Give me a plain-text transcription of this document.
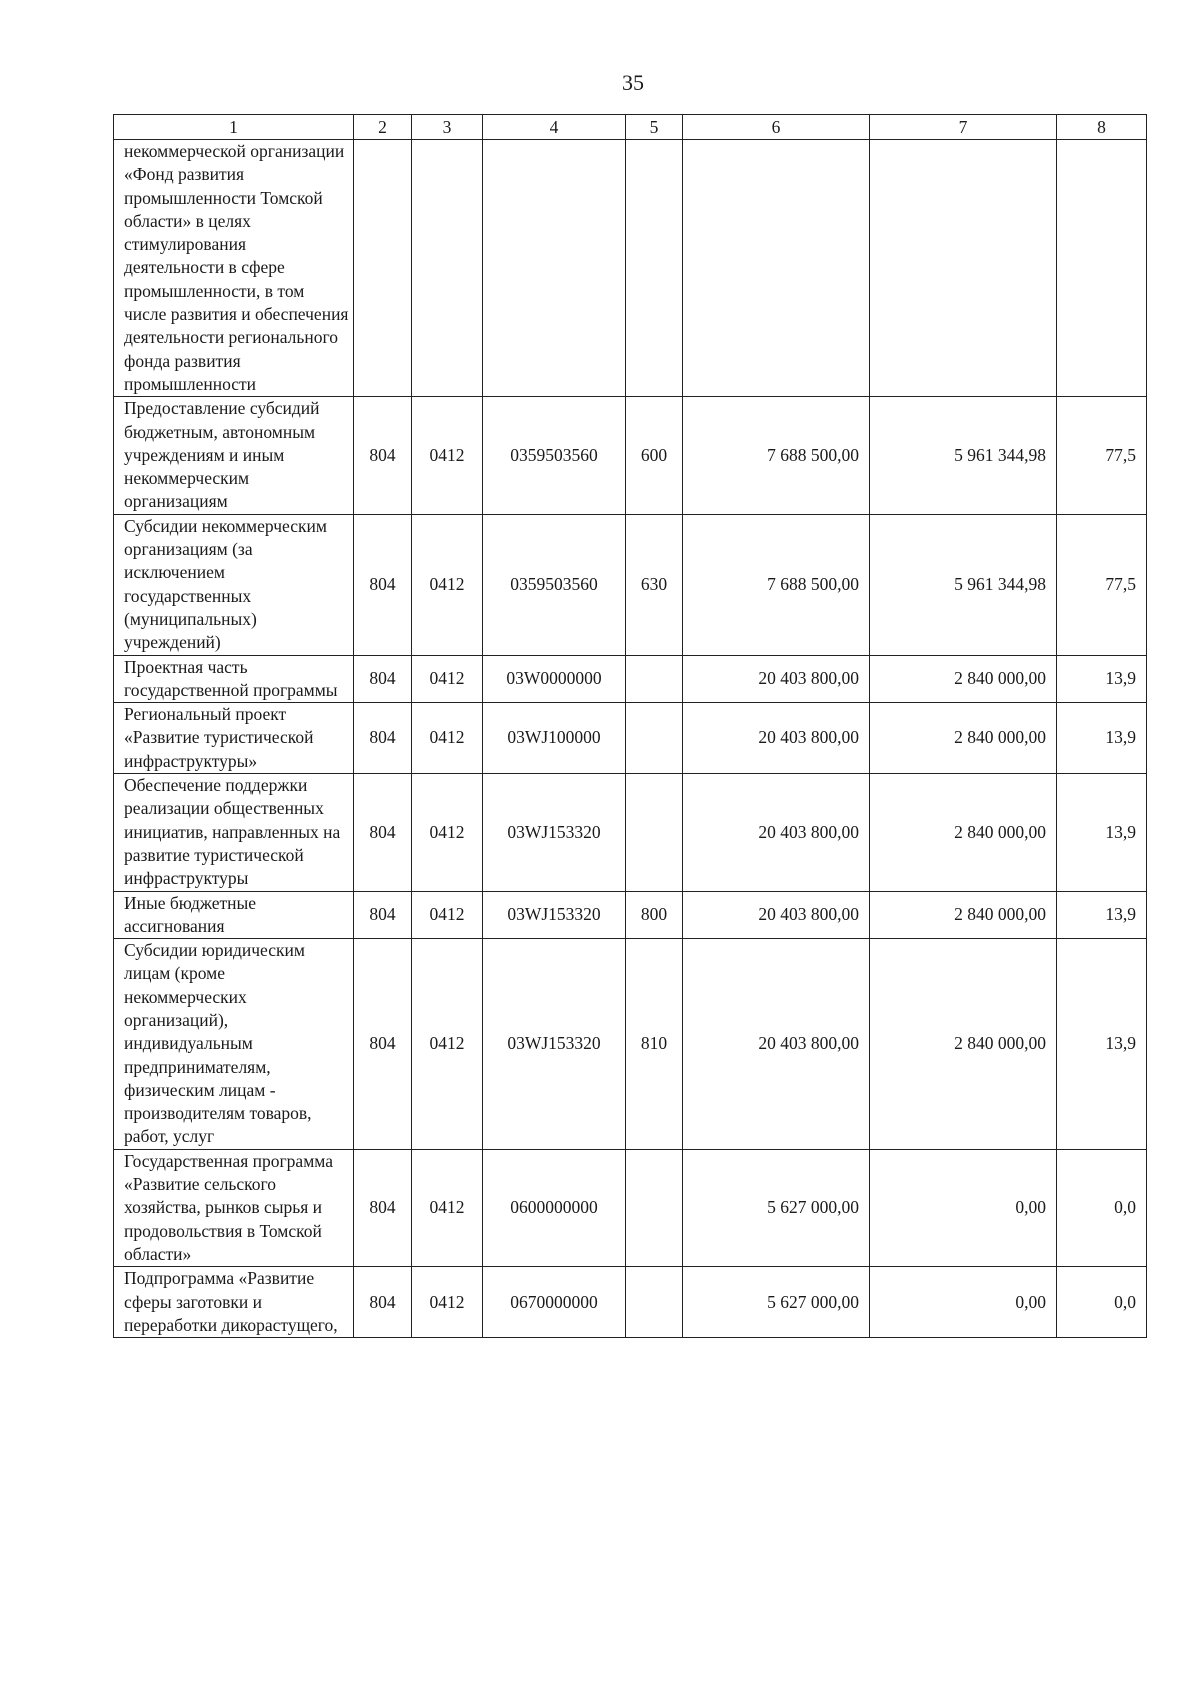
35
1	2	3	4	5	6	7	8
некоммерческой организации «Фонд развития промышленности Томской области» в целях стимулирования деятельности в сфере промышленности, в том числе развития и обеспечения деятельности регионального фонда развития промышленности							
Предоставление субсидий бюджетным, автономным учреждениям и иным некоммерческим организациям	804	0412	0359503560	600	7 688 500,00	5 961 344,98	77,5
Субсидии некоммерческим организациям (за исключением государственных (муниципальных) учреждений)	804	0412	0359503560	630	7 688 500,00	5 961 344,98	77,5
Проектная часть государственной программы	804	0412	03W0000000		20 403 800,00	2 840 000,00	13,9
Региональный проект «Развитие туристической инфраструктуры»	804	0412	03WJ100000		20 403 800,00	2 840 000,00	13,9
Обеспечение поддержки реализации общественных инициатив, направленных на развитие туристической инфраструктуры	804	0412	03WJ153320		20 403 800,00	2 840 000,00	13,9
Иные бюджетные ассигнования	804	0412	03WJ153320	800	20 403 800,00	2 840 000,00	13,9
Субсидии юридическим лицам (кроме некоммерческих организаций), индивидуальным предпринимателям, физическим лицам - производителям товаров, работ, услуг	804	0412	03WJ153320	810	20 403 800,00	2 840 000,00	13,9
Государственная программа «Развитие сельского хозяйства, рынков сырья и продовольствия в Томской области»	804	0412	0600000000		5 627 000,00	0,00	0,0
Подпрограмма «Развитие сферы заготовки и переработки дикорастущего,	804	0412	0670000000		5 627 000,00	0,00	0,0
